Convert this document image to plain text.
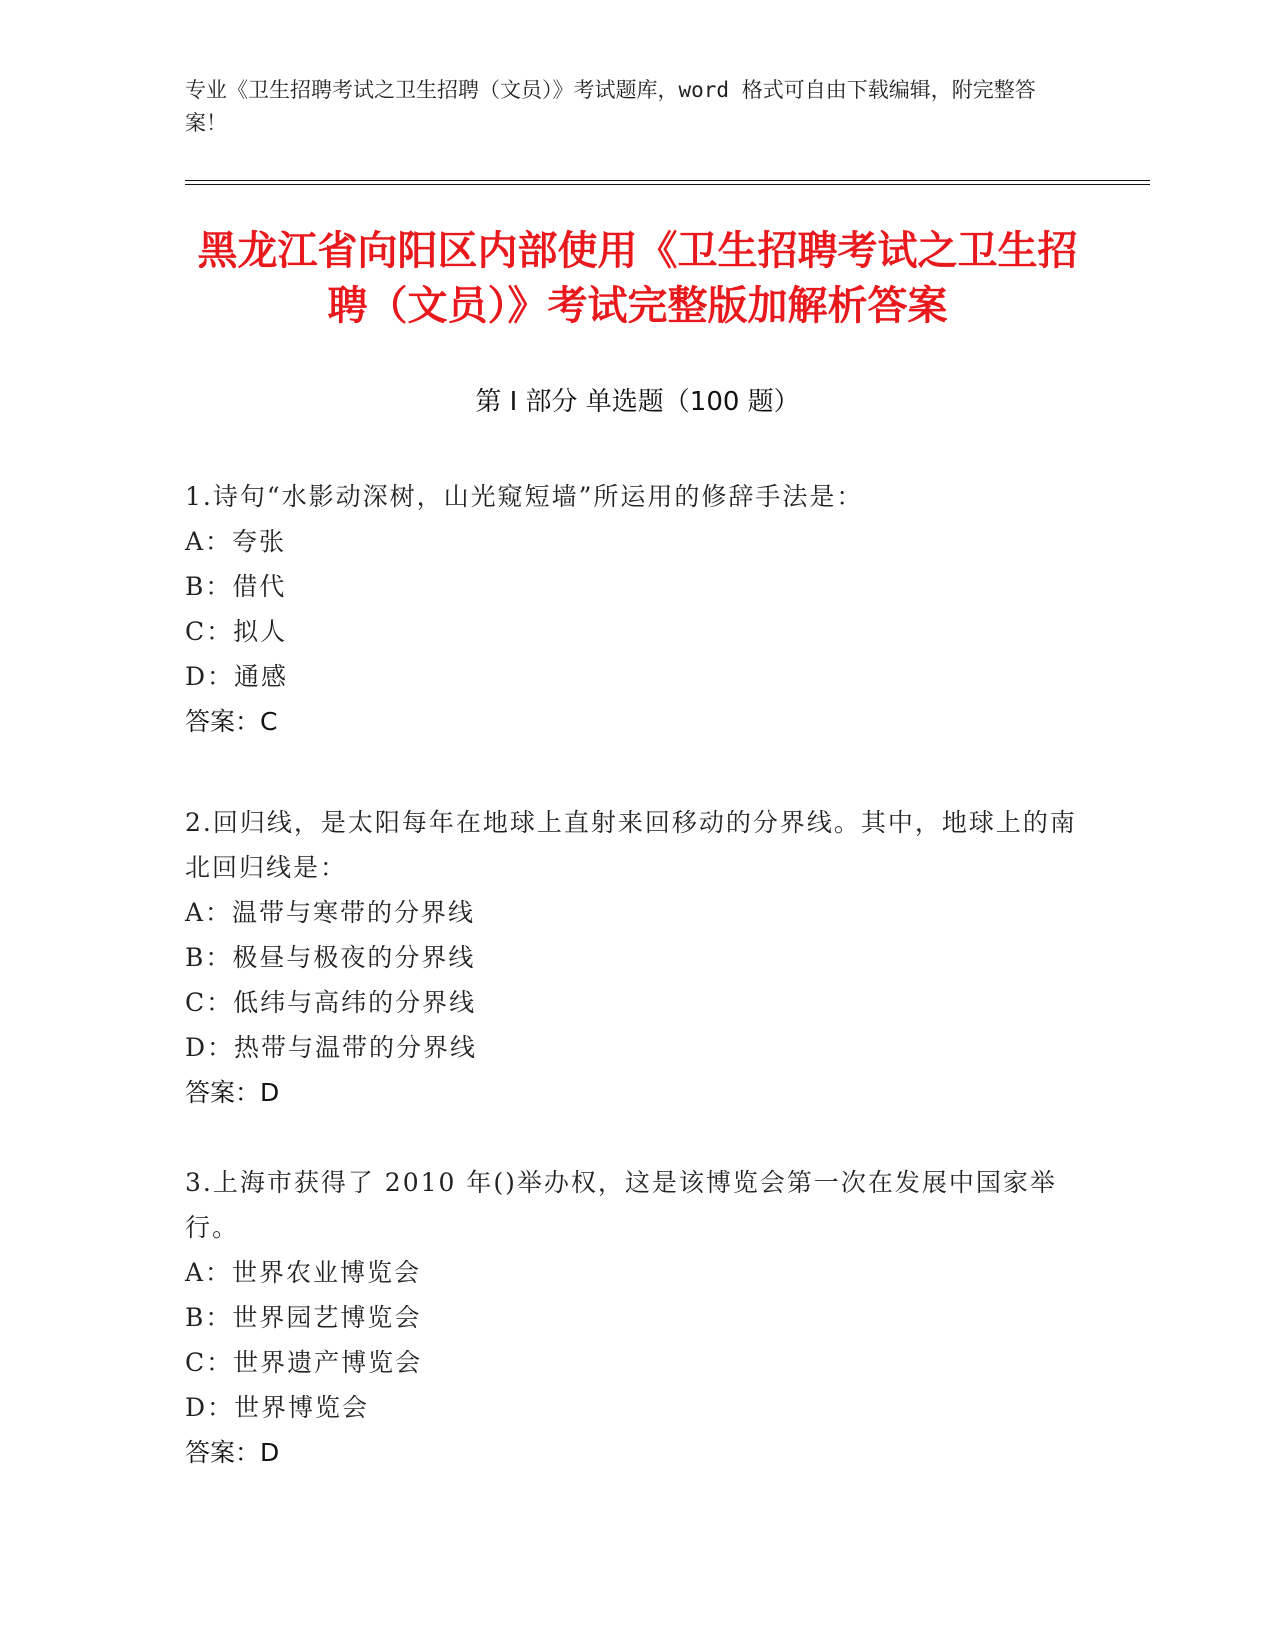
专业《卫生招聘考试之卫生招聘（文员）》考试题库，word 格式可自由下载编辑，附完整答案！
黑龙江省向阳区内部使用《卫生招聘考试之卫生招聘（文员）》考试完整版加解析答案
第 I 部分 单选题（100 题）
1.诗句“水影动深树，山光窥短墙”所运用的修辞手法是：
A：夸张
B：借代
C：拟人
D：通感
答案：C
2.回归线，是太阳每年在地球上直射来回移动的分界线。其中，地球上的南北回归线是：
A：温带与寒带的分界线
B：极昼与极夜的分界线
C：低纬与高纬的分界线
D：热带与温带的分界线
答案：D
3.上海市获得了 2010 年()举办权，这是该博览会第一次在发展中国家举行。
A：世界农业博览会
B：世界园艺博览会
C：世界遗产博览会
D：世界博览会
答案：D
